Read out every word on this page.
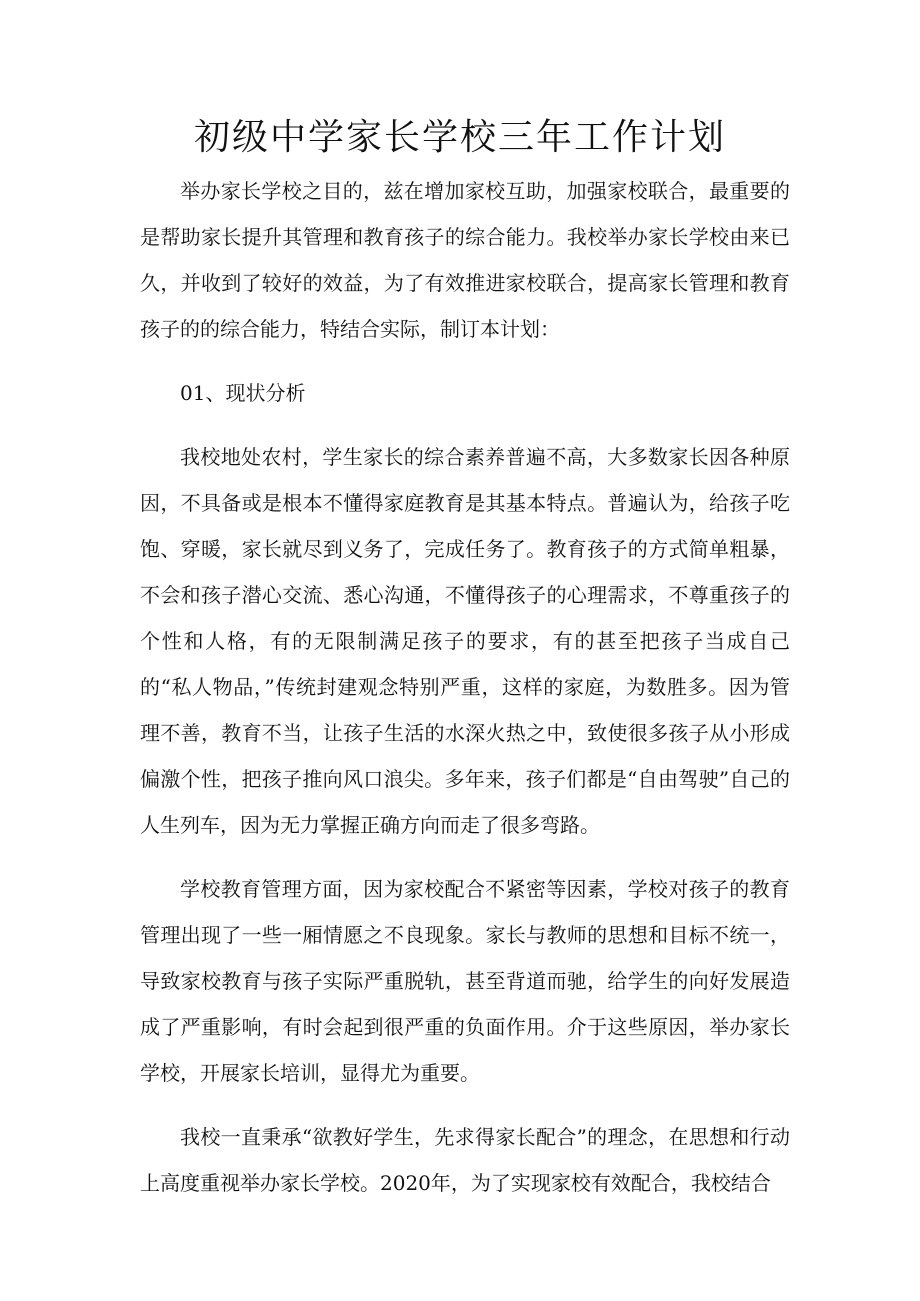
初级中学家长学校三年工作计划

举办家长学校之目的，兹在增加家校互助，加强家校联合，最重要的是帮助家长提升其管理和教育孩子的综合能力。我校举办家长学校由来已久，并收到了较好的效益，为了有效推进家校联合，提高家长管理和教育孩子的的综合能力，特结合实际，制订本计划：

01、现状分析

我校地处农村，学生家长的综合素养普遍不高，大多数家长因各种原因，不具备或是根本不懂得家庭教育是其基本特点。普遍认为，给孩子吃饱、穿暖，家长就尽到义务了，完成任务了。教育孩子的方式简单粗暴，不会和孩子潜心交流、悉心沟通，不懂得孩子的心理需求，不尊重孩子的个性和人格，有的无限制满足孩子的要求，有的甚至把孩子当成自己的“私人物品，”传统封建观念特别严重，这样的家庭，为数胜多。因为管理不善，教育不当，让孩子生活的水深火热之中，致使很多孩子从小形成偏激个性，把孩子推向风口浪尖。多年来，孩子们都是“自由驾驶”自己的人生列车，因为无力掌握正确方向而走了很多弯路。

学校教育管理方面，因为家校配合不紧密等因素，学校对孩子的教育管理出现了一些一厢情愿之不良现象。家长与教师的思想和目标不统一，导致家校教育与孩子实际严重脱轨，甚至背道而驰，给学生的向好发展造成了严重影响，有时会起到很严重的负面作用。介于这些原因，举办家长学校，开展家长培训，显得尤为重要。

我校一直秉承“欲教好学生，先求得家长配合”的理念，在思想和行动上高度重视举办家长学校。2020年，为了实现家校有效配合，我校结合
